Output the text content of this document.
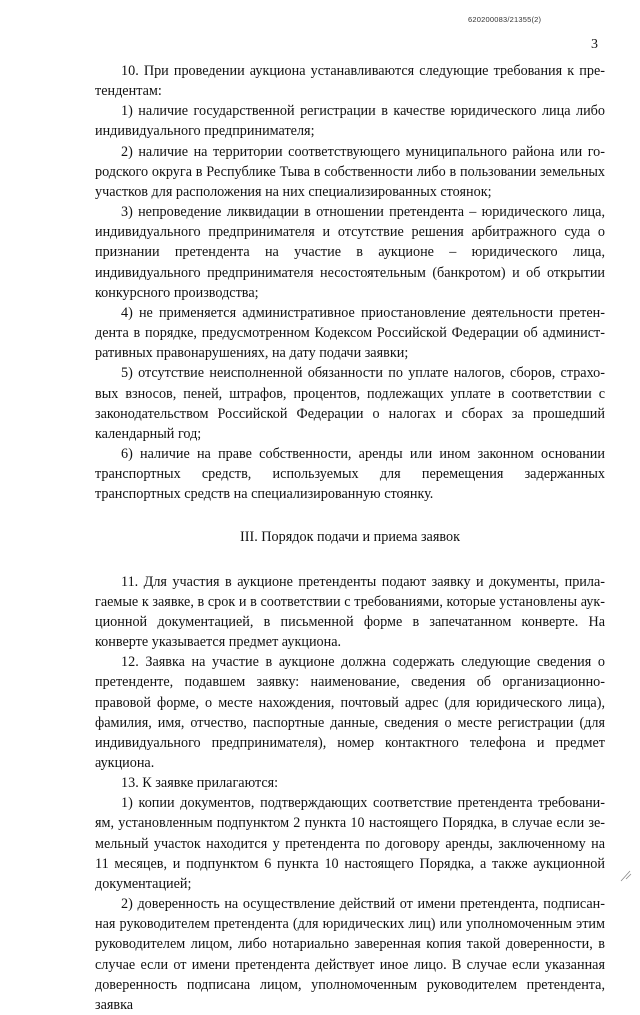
620200083/21355(2)
3

10. При проведении аукциона устанавливаются следующие требования к претендентам:

1) наличие государственной регистрации в качестве юридического лица либо индивидуального предпринимателя;

2) наличие на территории соответствующего муниципального района или городского округа в Республике Тыва в собственности либо в пользовании земельных участков для расположения на них специализированных стоянок;

3) непроведение ликвидации в отношении претендента – юридического лица, индивидуального предпринимателя и отсутствие решения арбитражного суда о признании претендента на участие в аукционе – юридического лица, индивидуального предпринимателя несостоятельным (банкротом) и об открытии конкурсного производства;

4) не применяется административное приостановление деятельности претендента в порядке, предусмотренном Кодексом Российской Федерации об административных правонарушениях, на дату подачи заявки;

5) отсутствие неисполненной обязанности по уплате налогов, сборов, страховых взносов, пеней, штрафов, процентов, подлежащих уплате в соответствии с законодательством Российской Федерации о налогах и сборах за прошедший календарный год;

6) наличие на праве собственности, аренды или ином законном основании транспортных средств, используемых для перемещения задержанных транспортных средств на специализированную стоянку.

III. Порядок подачи и приема заявок

11. Для участия в аукционе претенденты подают заявку и документы, прилагаемые к заявке, в срок и в соответствии с требованиями, которые установлены аукционной документацией, в письменной форме в запечатанном конверте. На конверте указывается предмет аукциона.

12. Заявка на участие в аукционе должна содержать следующие сведения о претенденте, подавшем заявку: наименование, сведения об организационно-правовой форме, о месте нахождения, почтовый адрес (для юридического лица), фамилия, имя, отчество, паспортные данные, сведения о месте регистрации (для индивидуального предпринимателя), номер контактного телефона и предмет аукциона.

13. К заявке прилагаются:

1) копии документов, подтверждающих соответствие претендента требованиям, установленным подпунктом 2 пункта 10 настоящего Порядка, в случае если земельный участок находится у претендента по договору аренды, заключенному на 11 месяцев, и подпунктом 6 пункта 10 настоящего Порядка, а также аукционной документацией;

2) доверенность на осуществление действий от имени претендента, подписанная руководителем претендента (для юридических лиц) или уполномоченным этим руководителем лицом, либо нотариально заверенная копия такой доверенности, в случае если от имени претендента действует иное лицо. В случае если указанная доверенность подписана лицом, уполномоченным руководителем претендента, заявка
